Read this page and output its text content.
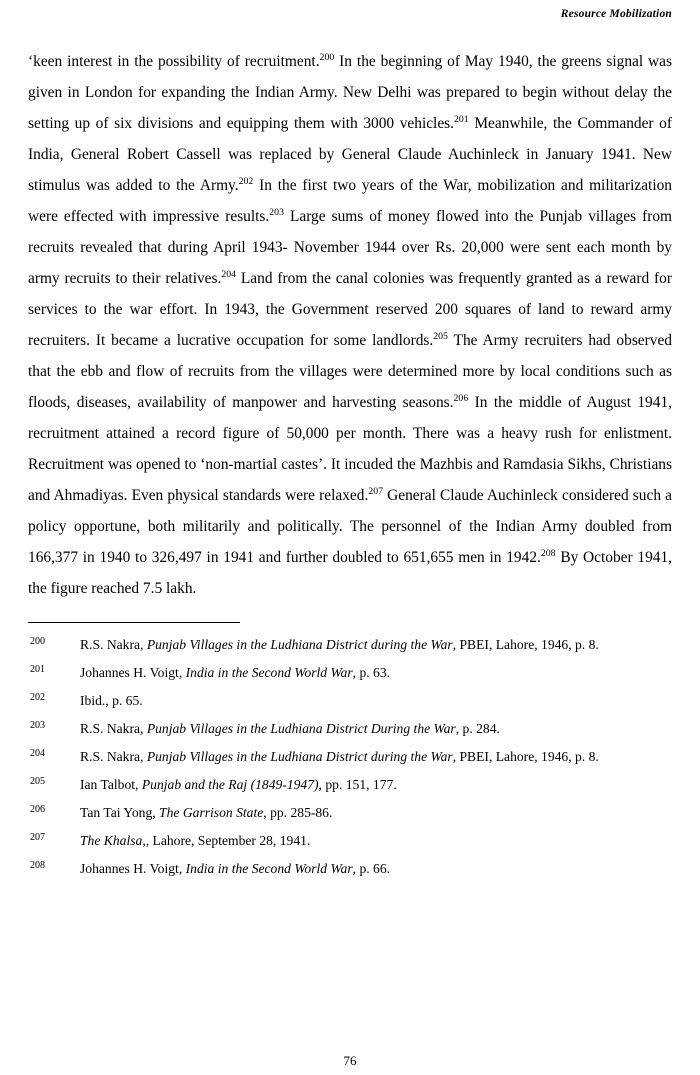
Resource Mobilization
‘keen interest in the possibility of recruitment.$^{200}$ In the beginning of May 1940, the greens signal was given in London for expanding the Indian Army. New Delhi was prepared to begin without delay the setting up of six divisions and equipping them with 3000 vehicles.$^{201}$ Meanwhile, the Commander of India, General Robert Cassell was replaced by General Claude Auchinleck in January 1941. New stimulus was added to the Army.$^{202}$ In the first two years of the War, mobilization and militarization were effected with impressive results.$^{203}$ Large sums of money flowed into the Punjab villages from recruits revealed that during April 1943- November 1944 over Rs. 20,000 were sent each month by army recruits to their relatives.$^{204}$ Land from the canal colonies was frequently granted as a reward for services to the war effort. In 1943, the Government reserved 200 squares of land to reward army recruiters. It became a lucrative occupation for some landlords.$^{205}$ The Army recruiters had observed that the ebb and flow of recruits from the villages were determined more by local conditions such as floods, diseases, availability of manpower and harvesting seasons.$^{206}$ In the middle of August 1941, recruitment attained a record figure of 50,000 per month. There was a heavy rush for enlistment. Recruitment was opened to ‘non-martial castes’. It incuded the Mazhbis and Ramdasia Sikhs, Christians and Ahmadiyas. Even physical standards were relaxed.$^{207}$ General Claude Auchinleck considered such a policy opportune, both militarily and politically. The personnel of the Indian Army doubled from 166,377 in 1940 to 326,497 in 1941 and further doubled to 651,655 men in 1942.$^{208}$ By October 1941, the figure reached 7.5 lakh.
200	R.S. Nakra, Punjab Villages in the Ludhiana District during the War, PBEI, Lahore, 1946, p. 8.
201	Johannes H. Voigt, India in the Second World War, p. 63.
202	Ibid., p. 65.
203	R.S. Nakra, Punjab Villages in the Ludhiana District During the War, p. 284.
204	R.S. Nakra, Punjab Villages in the Ludhiana District during the War, PBEI, Lahore, 1946, p. 8.
205	Ian Talbot, Punjab and the Raj (1849-1947), pp. 151, 177.
206	Tan Tai Yong, The Garrison State, pp. 285-86.
207	The Khalsa,, Lahore, September 28, 1941.
208	Johannes H. Voigt, India in the Second World War, p. 66.
76
